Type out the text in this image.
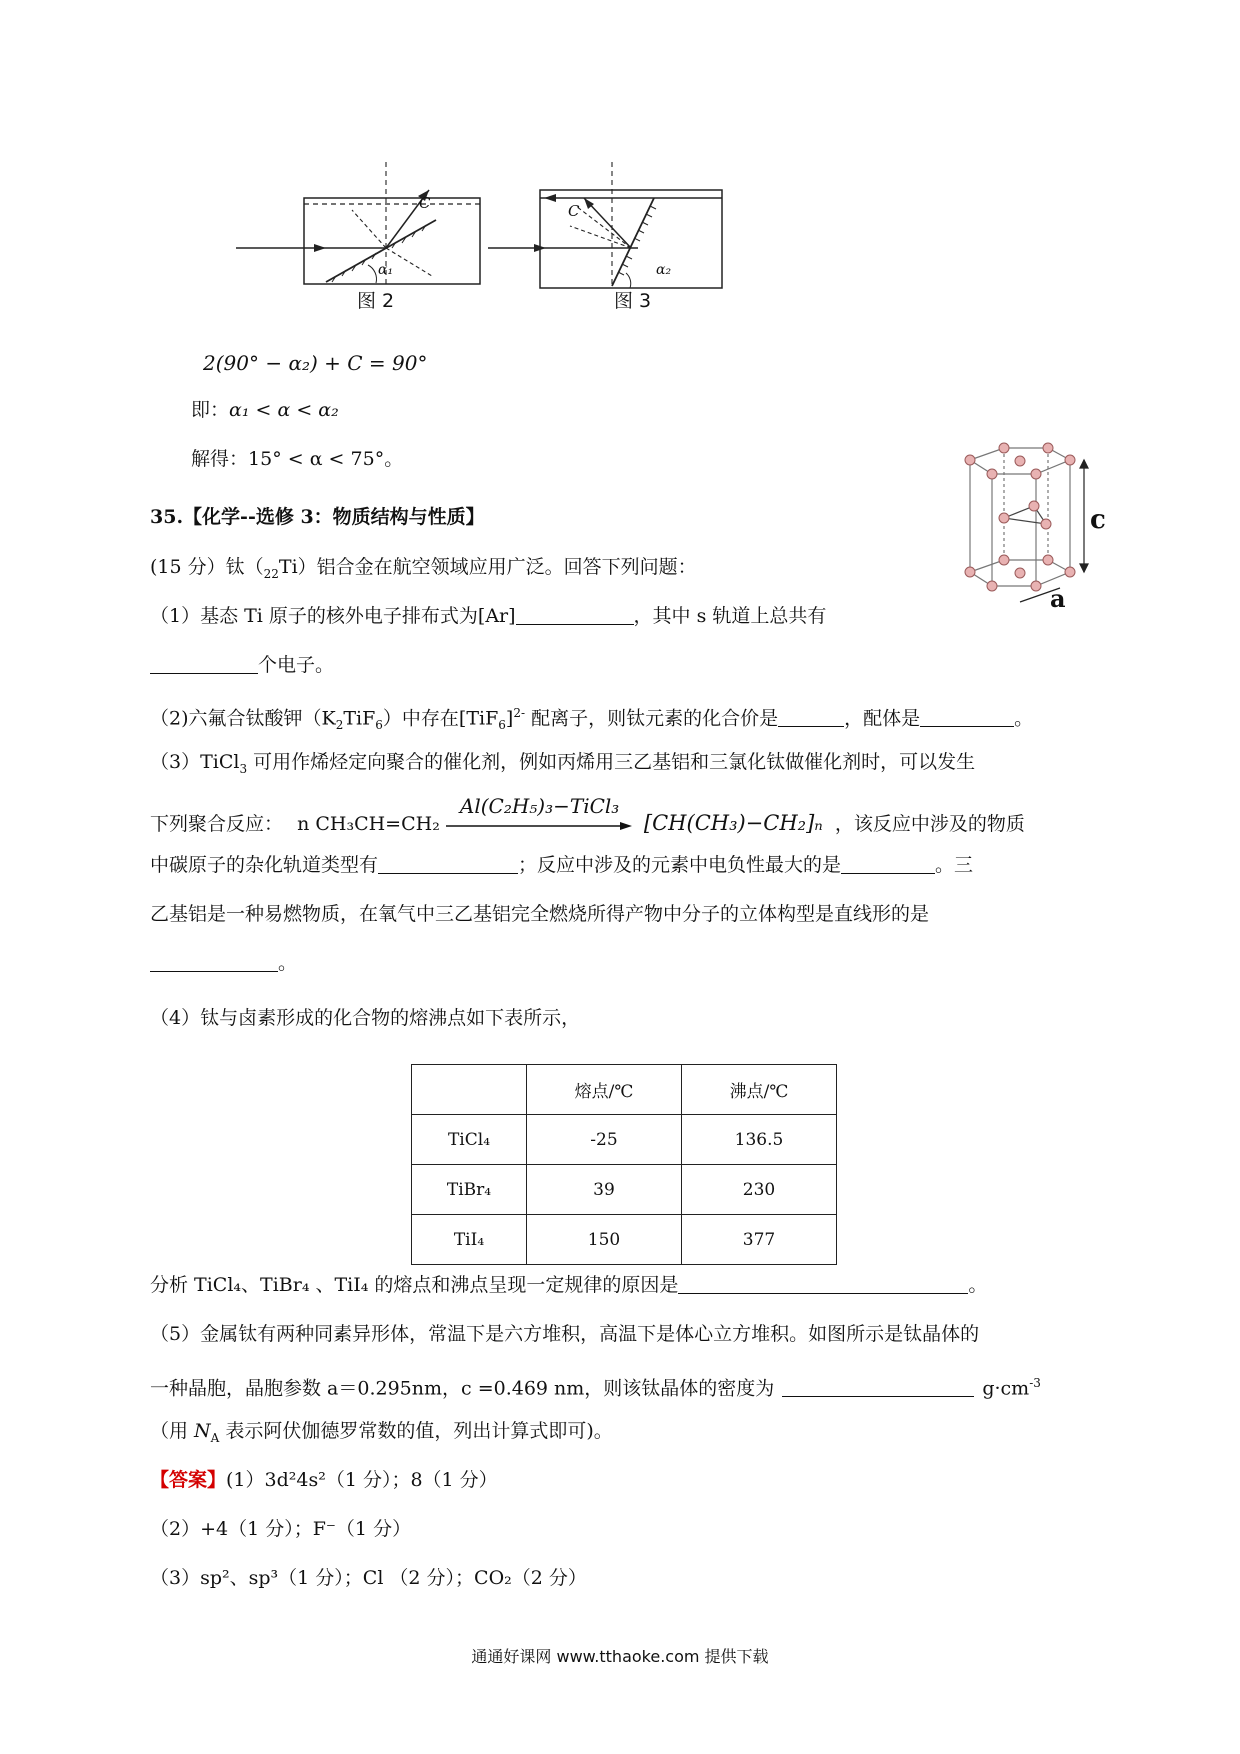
C
α₁
图 2
C
α₂
图 3
2(90° − α₂) + C = 90°
即：α₁ < α < α₂
解得：15° < α < 75°。
c
a
35.【化学--选修 3：物质结构与性质】
(15 分）钛$(_{22}Ti)$铝合金在航空领域应用广泛。回答下列问题：
（1）基态 Ti 原子的核外电子排布式为[Ar]	，其中 s 轨道上总共有
个电子。
（2)六氟合钛酸钾$(K_2TiF_6)$中存在$[TiF_6]^{2-}$ 配离子，则钛元素的化合价是	，配体是	。
（3）TiCl$_3$ 可用作烯烃定向聚合的催化剂，例如丙烯用三乙基铝和三氯化钛做催化剂时，可以发生
下列聚合反应： n CH₃CH=CH₂
Al(C₂H₅)₃−TiCl₃
[CH(CH₃)−CH₂]ₙ ，该反应中涉及的物质
中碳原子的杂化轨道类型有	；反应中涉及的元素中电负性最大的是	。三
乙基铝是一种易燃物质，在氧气中三乙基铝完全燃烧所得产物中分子的立体构型是直线形的是
。
（4）钛与卤素形成的化合物的熔沸点如下表所示，
	熔点/℃	沸点/℃
TiCl₄	-25	136.5
TiBr₄	39	230
TiI₄	150	377
分析 TiCl₄、TiBr₄ 、TiI₄ 的熔点和沸点呈现一定规律的原因是	。
（5）金属钛有两种同素异形体，常温下是六方堆积，高温下是体心立方堆积。如图所示是钛晶体的
一种晶胞，晶胞参数 a＝0.295nm，c =0.469 nm，则该钛晶体的密度为	$g\cdot cm^{-3}$
（用 $N_A$ 表示阿伏伽德罗常数的值，列出计算式即可)。
【答案】(1）3d²4s²（1 分）；8（1 分）
（2）+4（1 分）；F⁻（1 分）
（3）sp²、sp³（1 分）；Cl （2 分）；CO₂（2 分）
通通好课网 www.tthaoke.com 提供下载
